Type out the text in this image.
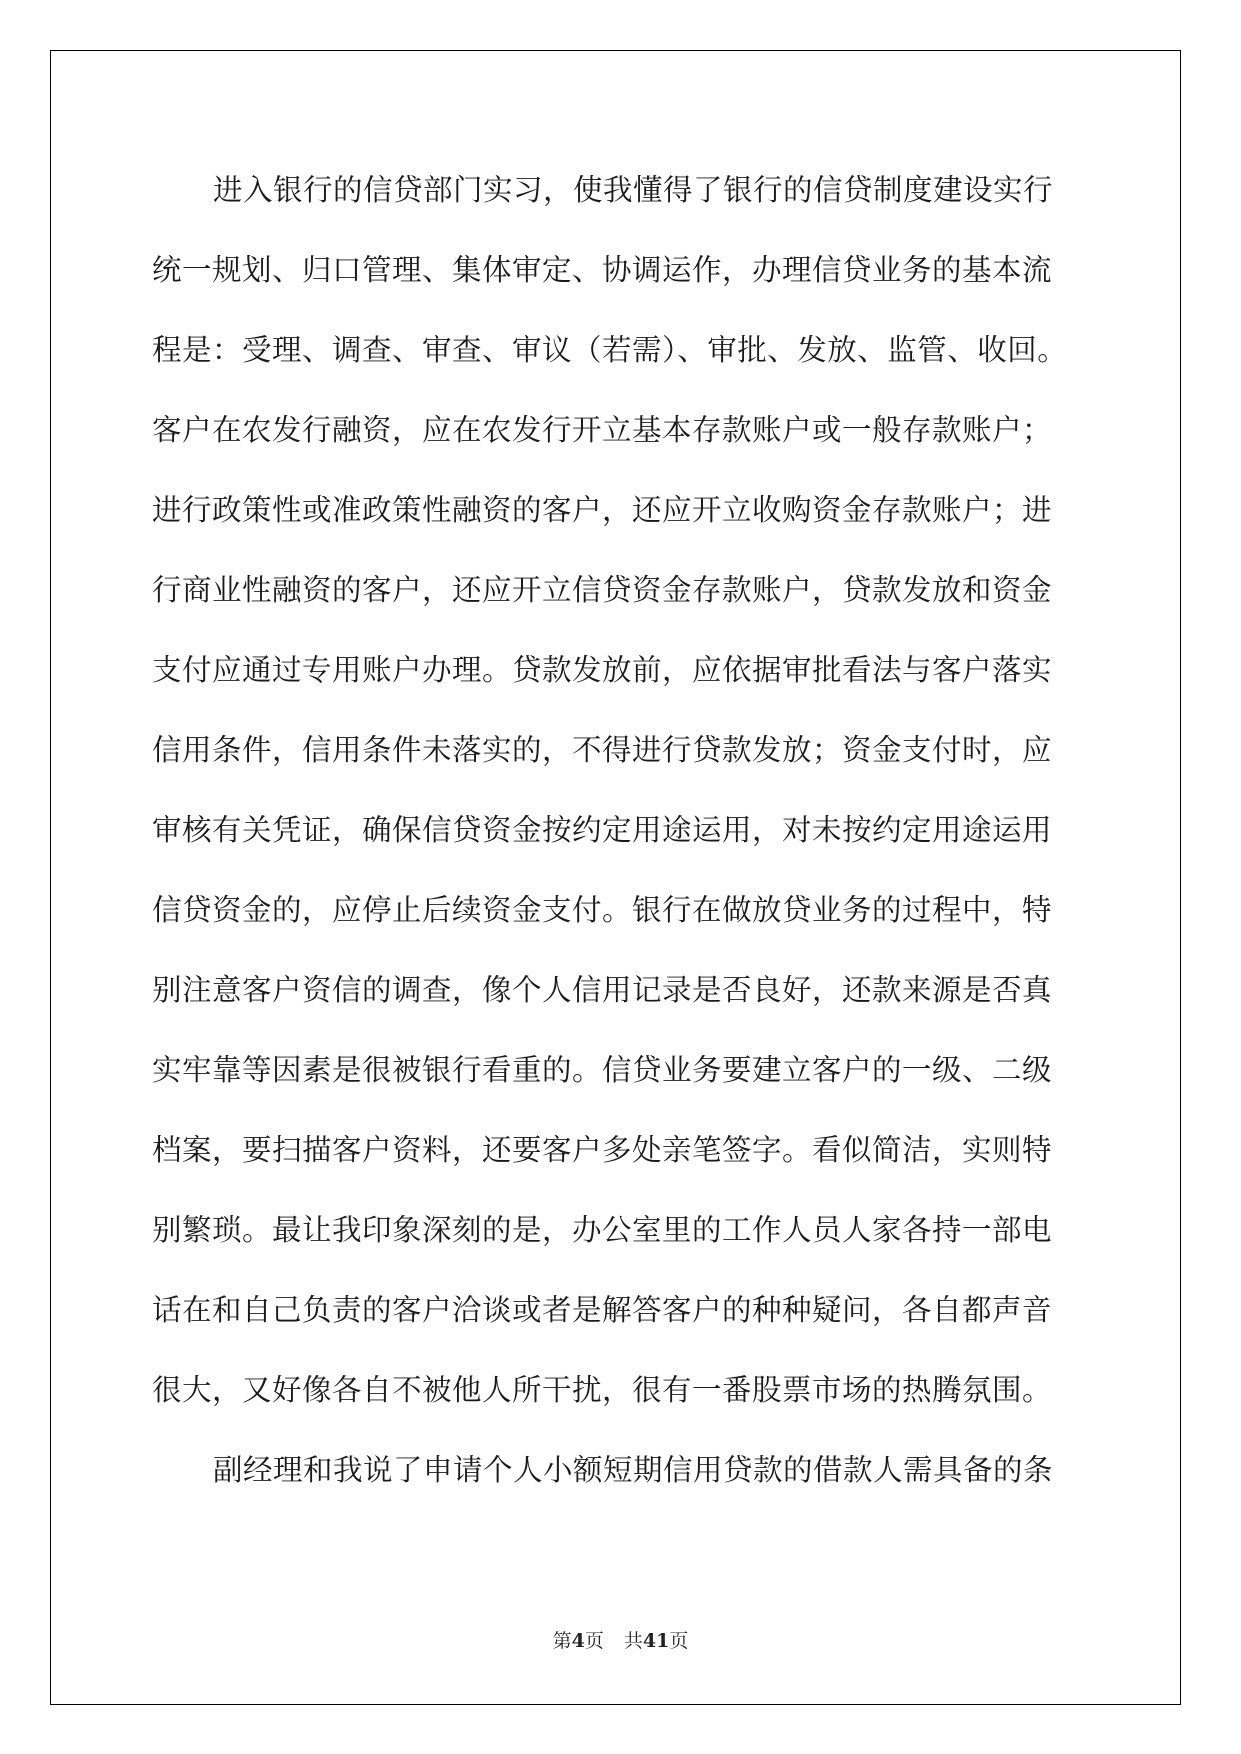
进入银行的信贷部门实习，使我懂得了银行的信贷制度建设实行
统一规划、归口管理、集体审定、协调运作，办理信贷业务的基本流
程是：受理、调查、审查、审议（若需）、审批、发放、监管、收回。
客户在农发行融资，应在农发行开立基本存款账户或一般存款账户；
进行政策性或准政策性融资的客户，还应开立收购资金存款账户；进
行商业性融资的客户，还应开立信贷资金存款账户，贷款发放和资金
支付应通过专用账户办理。贷款发放前，应依据审批看法与客户落实
信用条件，信用条件未落实的，不得进行贷款发放；资金支付时，应
审核有关凭证，确保信贷资金按约定用途运用，对未按约定用途运用
信贷资金的，应停止后续资金支付。银行在做放贷业务的过程中，特
别注意客户资信的调查，像个人信用记录是否良好，还款来源是否真
实牢靠等因素是很被银行看重的。信贷业务要建立客户的一级、二级
档案，要扫描客户资料，还要客户多处亲笔签字。看似简洁，实则特
别繁琐。最让我印象深刻的是，办公室里的工作人员人家各持一部电
话在和自己负责的客户洽谈或者是解答客户的种种疑问，各自都声音
很大，又好像各自不被他人所干扰，很有一番股票市场的热腾氛围。
副经理和我说了申请个人小额短期信用贷款的借款人需具备的条
第4页 共41页
